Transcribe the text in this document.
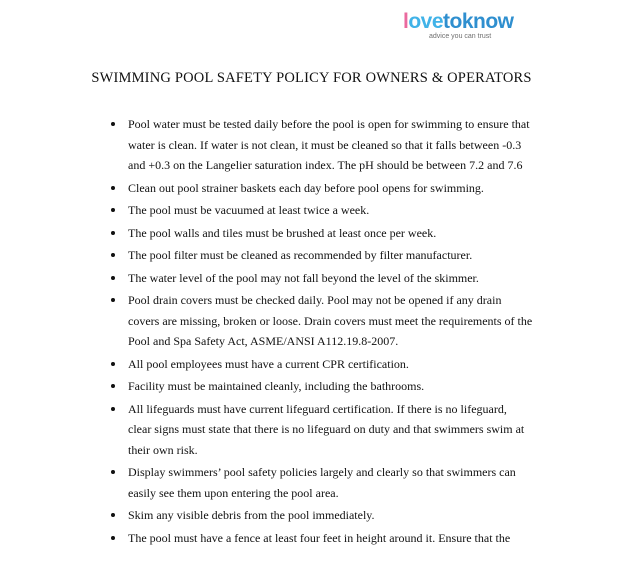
lovetoknow
advice you can trust
SWIMMING POOL SAFETY POLICY FOR OWNERS & OPERATORS
Pool water must be tested daily before the pool is open for swimming to ensure that water is clean. If water is not clean, it must be cleaned so that it falls between -0.3 and +0.3 on the Langelier saturation index. The pH should be between 7.2 and 7.6
Clean out pool strainer baskets each day before pool opens for swimming.
The pool must be vacuumed at least twice a week.
The pool walls and tiles must be brushed at least once per week.
The pool filter must be cleaned as recommended by filter manufacturer.
The water level of the pool may not fall beyond the level of the skimmer.
Pool drain covers must be checked daily. Pool may not be opened if any drain covers are missing, broken or loose. Drain covers must meet the requirements of the Pool and Spa Safety Act, ASME/ANSI A112.19.8-2007.
All pool employees must have a current CPR certification.
Facility must be maintained cleanly, including the bathrooms.
All lifeguards must have current lifeguard certification. If there is no lifeguard, clear signs must state that there is no lifeguard on duty and that swimmers swim at their own risk.
Display swimmers’ pool safety policies largely and clearly so that swimmers can easily see them upon entering the pool area.
Skim any visible debris from the pool immediately.
The pool must have a fence at least four feet in height around it. Ensure that the
